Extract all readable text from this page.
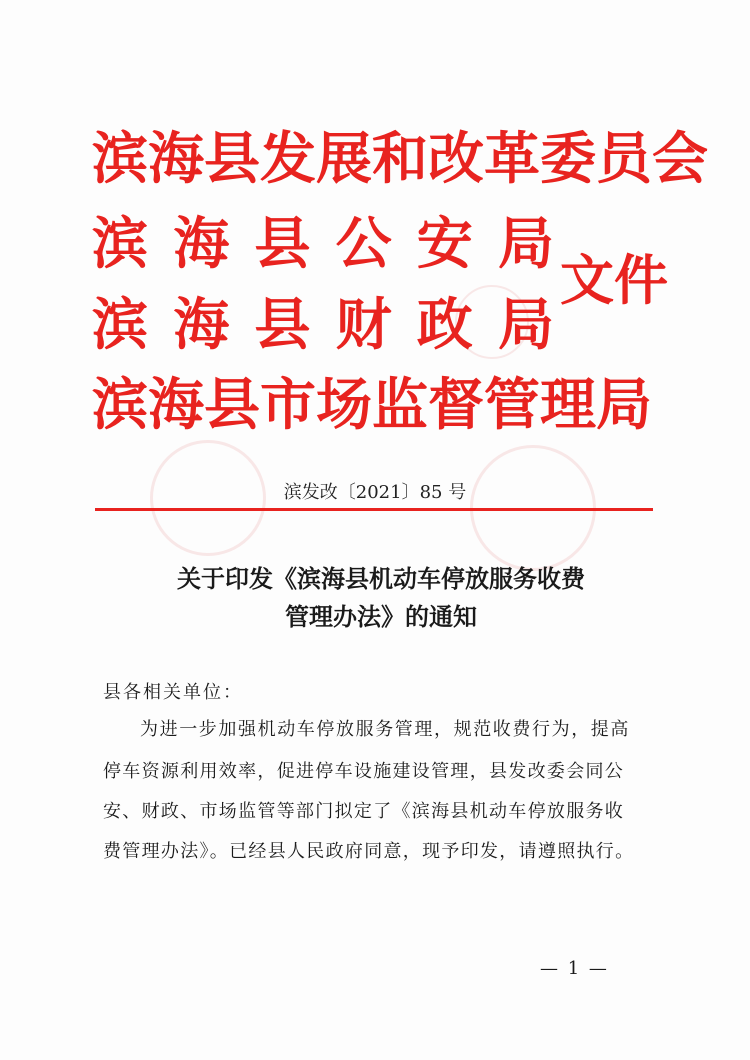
滨海县发展和改革委员会
滨 海 县 公 安 局
滨 海 县 财 政 局
滨海县市场监督管理局
文件
滨发改〔2021〕85 号
关于印发《滨海县机动车停放服务收费
管理办法》的通知
县各相关单位：
为进一步加强机动车停放服务管理，规范收费行为，提高
停车资源利用效率，促进停车设施建设管理，县发改委会同公
安、财政、市场监管等部门拟定了《滨海县机动车停放服务收
费管理办法》。已经县人民政府同意，现予印发，请遵照执行。
— 1 —
